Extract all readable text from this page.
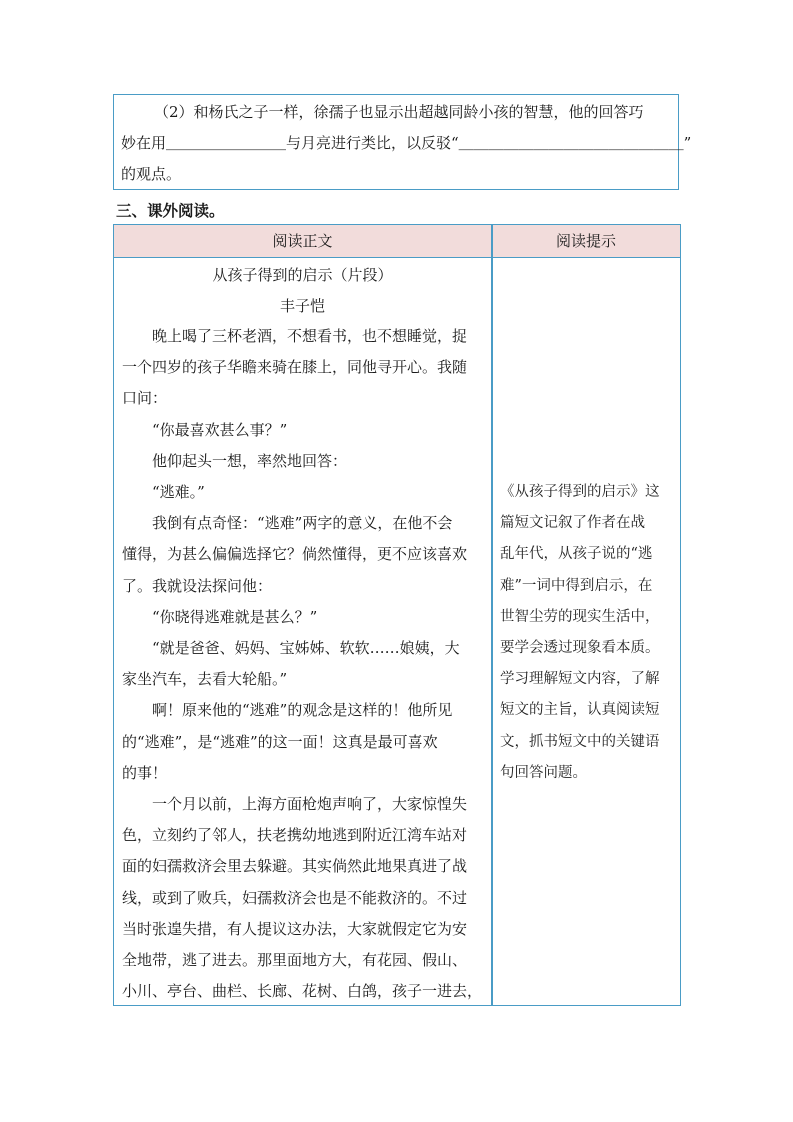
（2）和杨氏之子一样，徐孺子也显示出超越同龄小孩的智慧，他的回答巧
妙在用＿＿＿＿＿＿＿＿与月亮进行类比，以反驳“＿＿＿＿＿＿＿＿＿＿＿＿＿＿＿”
的观点。
三、课外阅读。
阅读正文	阅读提示
从孩子得到的启示（片段）
丰子恺
晚上喝了三杯老酒，不想看书，也不想睡觉，捉
一个四岁的孩子华瞻来骑在膝上，同他寻开心。我随
口问：
“你最喜欢甚么事？”
他仰起头一想，率然地回答：
“逃难。”
我倒有点奇怪：“逃难”两字的意义，在他不会
懂得，为甚么偏偏选择它？倘然懂得，更不应该喜欢
了。我就设法探问他：
“你晓得逃难就是甚么？”
“就是爸爸、妈妈、宝姊姊、软软……娘姨，大
家坐汽车，去看大轮船。”
啊！原来他的“逃难”的观念是这样的！他所见
的“逃难”，是“逃难”的这一面！这真是最可喜欢
的事！
一个月以前，上海方面枪炮声响了，大家惊惶失
色，立刻约了邻人，扶老携幼地逃到附近江湾车站对
面的妇孺救济会里去躲避。其实倘然此地果真进了战
线，或到了败兵，妇孺救济会也是不能救济的。不过
当时张遑失措，有人提议这办法，大家就假定它为安
全地带，逃了进去。那里面地方大，有花园、假山、
小川、亭台、曲栏、长廊、花树、白鸽，孩子一进去，
《从孩子得到的启示》这
篇短文记叙了作者在战
乱年代，从孩子说的“逃
难”一词中得到启示，在
世智尘劳的现实生活中，
要学会透过现象看本质。
学习理解短文内容，了解
短文的主旨，认真阅读短
文，抓书短文中的关键语
句回答问题。
